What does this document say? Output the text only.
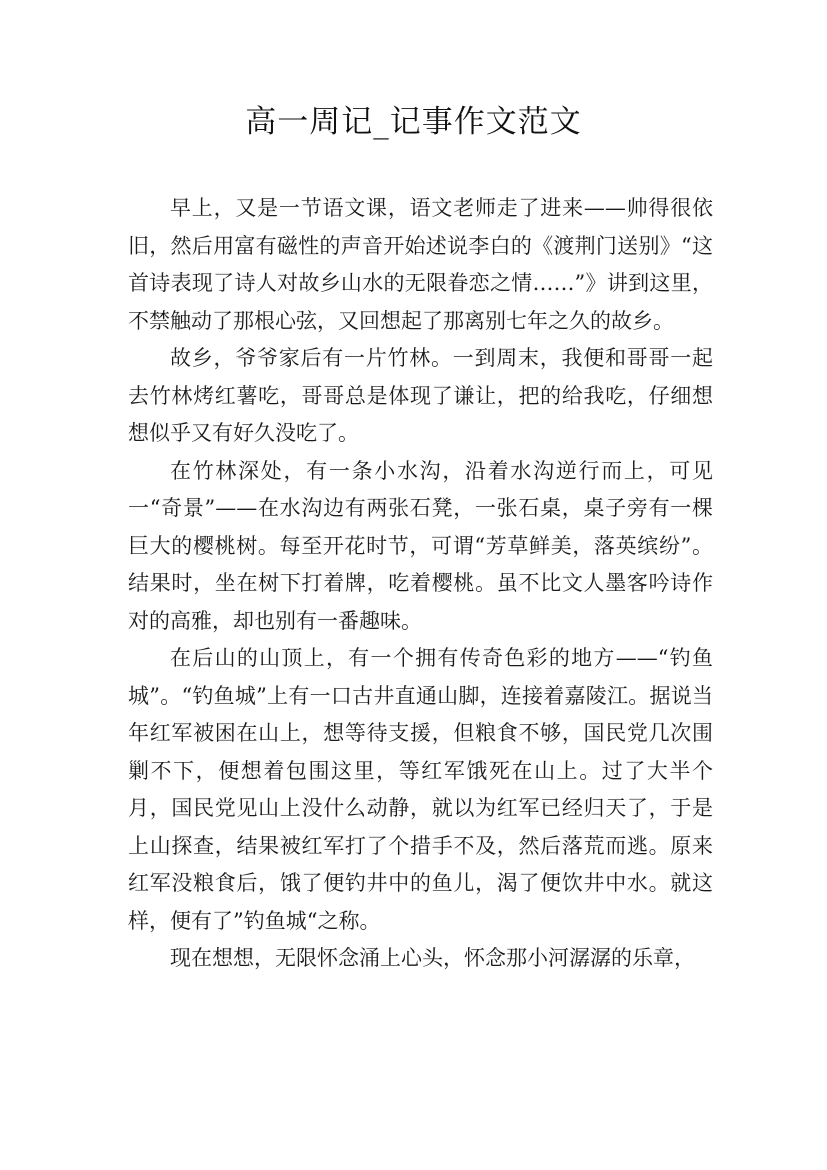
高一周记_记事作文范文

早上，又是一节语文课，语文老师走了进来——帅得很依旧，然后用富有磁性的声音开始述说李白的《渡荆门送别》“这首诗表现了诗人对故乡山水的无限眷恋之情……”》讲到这里，不禁触动了那根心弦，又回想起了那离别七年之久的故乡。

故乡，爷爷家后有一片竹林。一到周末，我便和哥哥一起去竹林烤红薯吃，哥哥总是体现了谦让，把的给我吃，仔细想想似乎又有好久没吃了。

在竹林深处，有一条小水沟，沿着水沟逆行而上，可见一“奇景”——在水沟边有两张石凳，一张石桌，桌子旁有一棵巨大的樱桃树。每至开花时节，可谓“芳草鲜美，落英缤纷”。结果时，坐在树下打着牌，吃着樱桃。虽不比文人墨客吟诗作对的高雅，却也别有一番趣味。

在后山的山顶上，有一个拥有传奇色彩的地方——“钓鱼城”。“钓鱼城”上有一口古井直通山脚，连接着嘉陵江。据说当年红军被困在山上，想等待支援，但粮食不够，国民党几次围剿不下，便想着包围这里，等红军饿死在山上。过了大半个月，国民党见山上没什么动静，就以为红军已经归天了，于是上山探查，结果被红军打了个措手不及，然后落荒而逃。原来红军没粮食后，饿了便钓井中的鱼儿，渴了便饮井中水。就这样，便有了”钓鱼城“之称。

现在想想，无限怀念涌上心头，怀念那小河潺潺的乐章，
